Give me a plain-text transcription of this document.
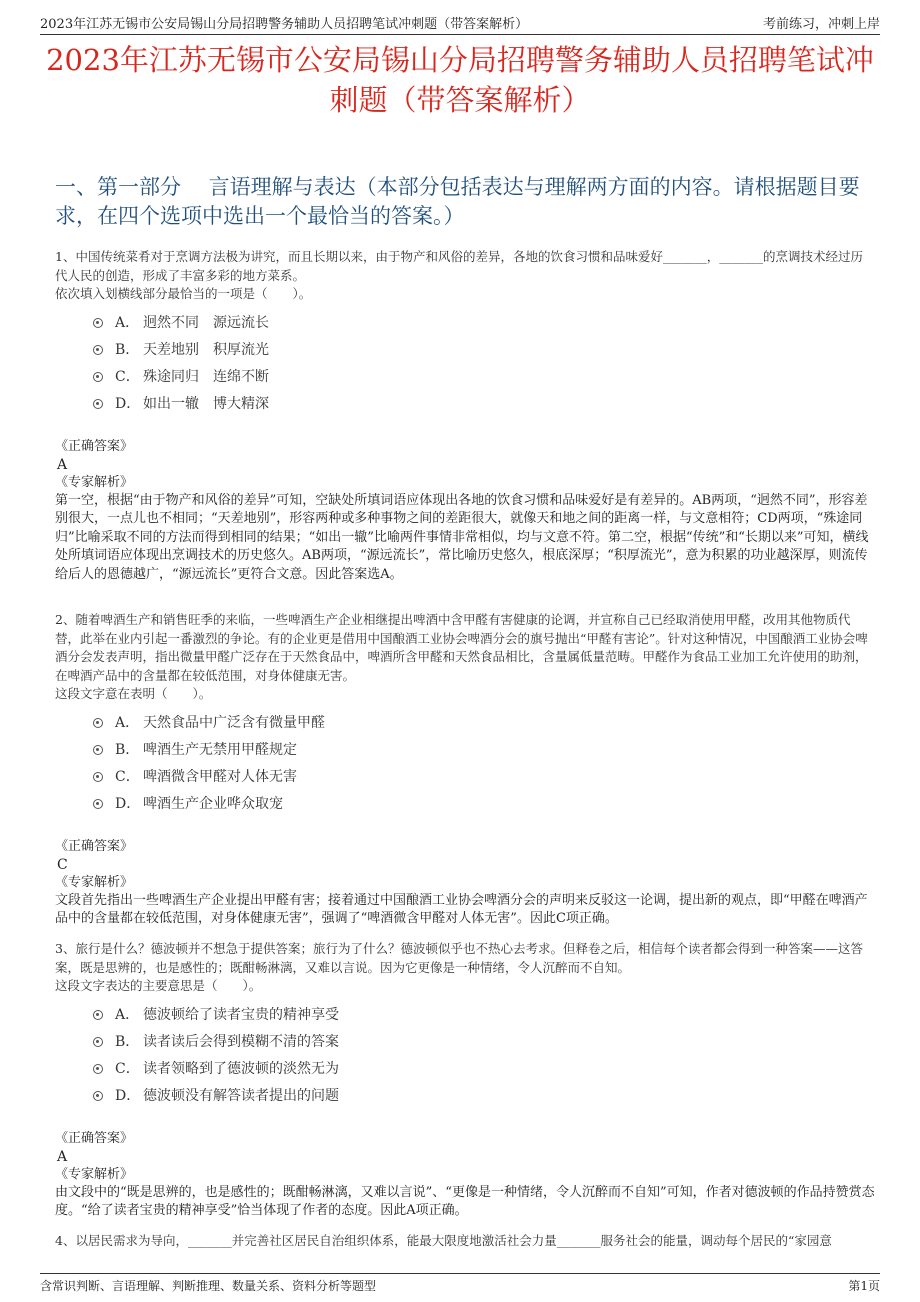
2023年江苏无锡市公安局锡山分局招聘警务辅助人员招聘笔试冲刺题（带答案解析）	考前练习，冲刺上岸
2023年江苏无锡市公安局锡山分局招聘警务辅助人员招聘笔试冲刺题（带答案解析）
一、第一部分　 言语理解与表达（本部分包括表达与理解两方面的内容。请根据题目要求，在四个选项中选出一个最恰当的答案。）

1、中国传统菜肴对于烹调方法极为讲究，而且长期以来，由于物产和风俗的差异，各地的饮食习惯和品味爱好_______，_______的烹调技术经过历代人民的创造，形成了丰富多彩的地方菜系。

依次填入划横线部分最恰当的一项是（　　）。

A． 迥然不同　源远流长
B． 天差地别　积厚流光
C． 殊途同归　连绵不断
D． 如出一辙　博大精深

《正确答案》

A

《专家解析》

第一空，根据“由于物产和风俗的差异”可知，空缺处所填词语应体现出各地的饮食习惯和品味爱好是有差异的。AB两项，“迥然不同”，形容差别很大，一点儿也不相同；“天差地别”，形容两种或多种事物之间的差距很大，就像天和地之间的距离一样，与文意相符；CD两项，“殊途同归”比喻采取不同的方法而得到相同的结果；“如出一辙”比喻两件事情非常相似，均与文意不符。第二空，根据“传统”和“长期以来”可知，横线处所填词语应体现出烹调技术的历史悠久。AB两项，“源远流长”，常比喻历史悠久，根底深厚；“积厚流光”，意为积累的功业越深厚，则流传给后人的恩德越广，“源远流长”更符合文意。因此答案选A。

2、随着啤酒生产和销售旺季的来临，一些啤酒生产企业相继提出啤酒中含甲醛有害健康的论调，并宣称自己已经取消使用甲醛，改用其他物质代替，此举在业内引起一番激烈的争论。有的企业更是借用中国酿酒工业协会啤酒分会的旗号抛出“甲醛有害论”。针对这种情况，中国酿酒工业协会啤酒分会发表声明，指出微量甲醛广泛存在于天然食品中，啤酒所含甲醛和天然食品相比，含量属低量范畴。甲醛作为食品工业加工允许使用的助剂，在啤酒产品中的含量都在较低范围，对身体健康无害。

这段文字意在表明（　　）。

A． 天然食品中广泛含有微量甲醛
B． 啤酒生产无禁用甲醛规定
C． 啤酒微含甲醛对人体无害
D． 啤酒生产企业哗众取宠

《正确答案》

C

《专家解析》

文段首先指出一些啤酒生产企业提出甲醛有害；接着通过中国酿酒工业协会啤酒分会的声明来反驳这一论调，提出新的观点，即“甲醛在啤酒产品中的含量都在较低范围，对身体健康无害”，强调了“啤酒微含甲醛对人体无害”。因此C项正确。

3、旅行是什么？德波顿并不想急于提供答案；旅行为了什么？德波顿似乎也不热心去考求。但释卷之后，相信每个读者都会得到一种答案——这答案，既是思辨的，也是感性的；既酣畅淋漓，又难以言说。因为它更像是一种情绪，令人沉醉而不自知。

这段文字表达的主要意思是（　　）。

A． 德波顿给了读者宝贵的精神享受
B． 读者读后会得到模糊不清的答案
C． 读者领略到了德波顿的淡然无为
D． 德波顿没有解答读者提出的问题

《正确答案》

A

《专家解析》

由文段中的“既是思辨的，也是感性的；既酣畅淋漓，又难以言说”、“更像是一种情绪，令人沉醉而不自知”可知，作者对德波顿的作品持赞赏态度。“给了读者宝贵的精神享受”恰当体现了作者的态度。因此A项正确。

4、以居民需求为导向，_______并完善社区居民自治组织体系，能最大限度地激活社会力量_______服务社会的能量，调动每个居民的“家园意

含常识判断、言语理解、判断推理、数量关系、资料分析等题型	第1页
